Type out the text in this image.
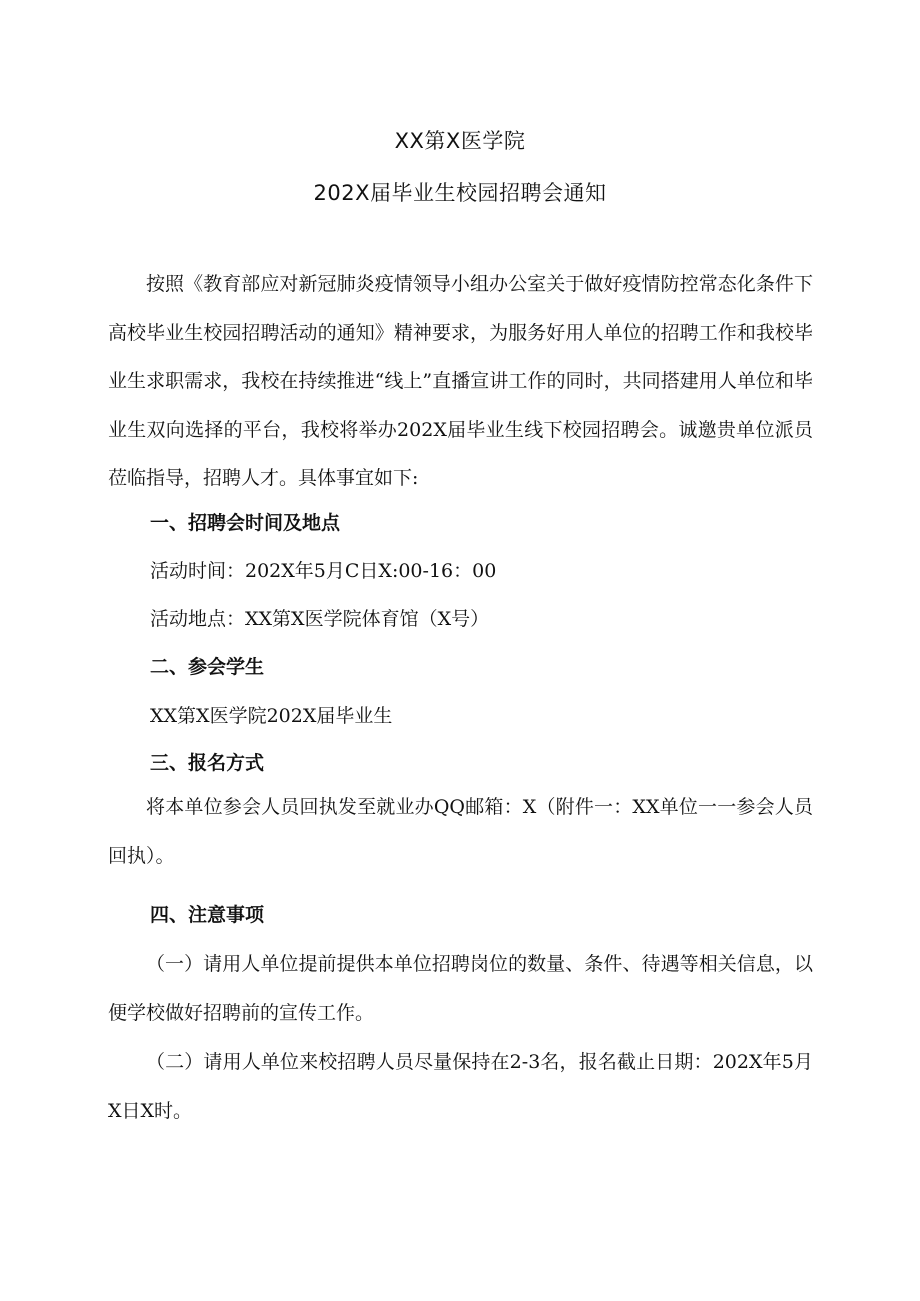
XX第X医学院
202X届毕业生校园招聘会通知

按照《教育部应对新冠肺炎疫情领导小组办公室关于做好疫情防控常态化条件下高校毕业生校园招聘活动的通知》精神要求，为服务好用人单位的招聘工作和我校毕业生求职需求，我校在持续推进“线上”直播宣讲工作的同时，共同搭建用人单位和毕业生双向选择的平台，我校将举办202X届毕业生线下校园招聘会。诚邀贵单位派员莅临指导，招聘人才。具体事宜如下:

一、招聘会时间及地点
活动时间：202X年5月C日X:00-16：00
活动地点：XX第X医学院体育馆（X号）
二、参会学生
XX第X医学院202X届毕业生
三、报名方式

将本单位参会人员回执发至就业办QQ邮箱：X（附件一：XX单位一一参会人员回执）。

四、注意事项

（一）请用人单位提前提供本单位招聘岗位的数量、条件、待遇等相关信息，以便学校做好招聘前的宣传工作。

（二）请用人单位来校招聘人员尽量保持在2-3名，报名截止日期：202X年5月X日X时。
